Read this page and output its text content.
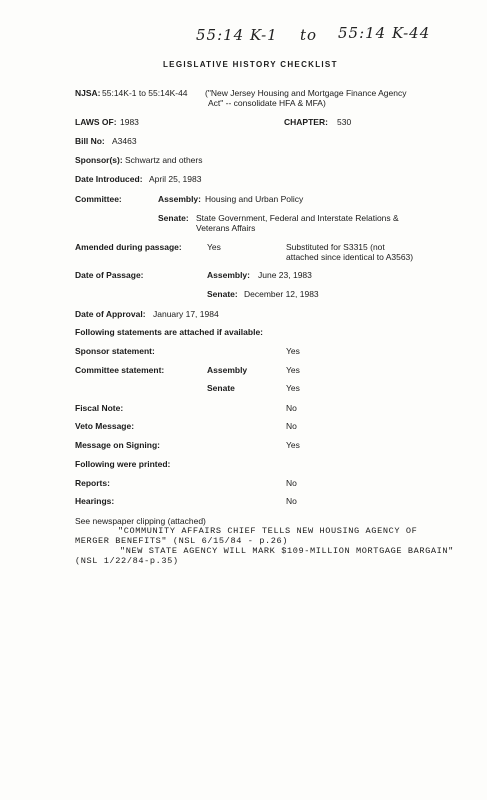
55:14 K-1 to 55:14 K-44
LEGISLATIVE HISTORY CHECKLIST
NJSA: 55:14K-1 to 55:14K-44 ("New Jersey Housing and Mortgage Finance Agency
Act" -- consolidate HFA & MFA)
LAWS OF: 1983	CHAPTER: 530
Bill No: A3463
Sponsor(s): Schwartz and others
Date Introduced: April 25, 1983
Committee:	Assembly: Housing and Urban Policy
Senate: State Government, Federal and Interstate Relations &
Veterans Affairs
Amended during passage:	Yes	Substituted for S3315 (not
attached since identical to A3563)
Date of Passage:	Assembly: June 23, 1983
Senate: December 12, 1983
Date of Approval: January 17, 1984
Following statements are attached if available:
Sponsor statement:	Yes
Committee statement:	Assembly	Yes
Senate	Yes
Fiscal Note:	No
Veto Message:	No
Message on Signing:	Yes
Following were printed:
Reports:	No
Hearings:	No
See newspaper clipping (attached)
"COMMUNITY AFFAIRS CHIEF TELLS NEW HOUSING AGENCY OF
MERGER BENEFITS" (NSL 6/15/84 - p.26)
"NEW STATE AGENCY WILL MARK $109-MILLION MORTGAGE BARGAIN"
(NSL 1/22/84-p.35)
